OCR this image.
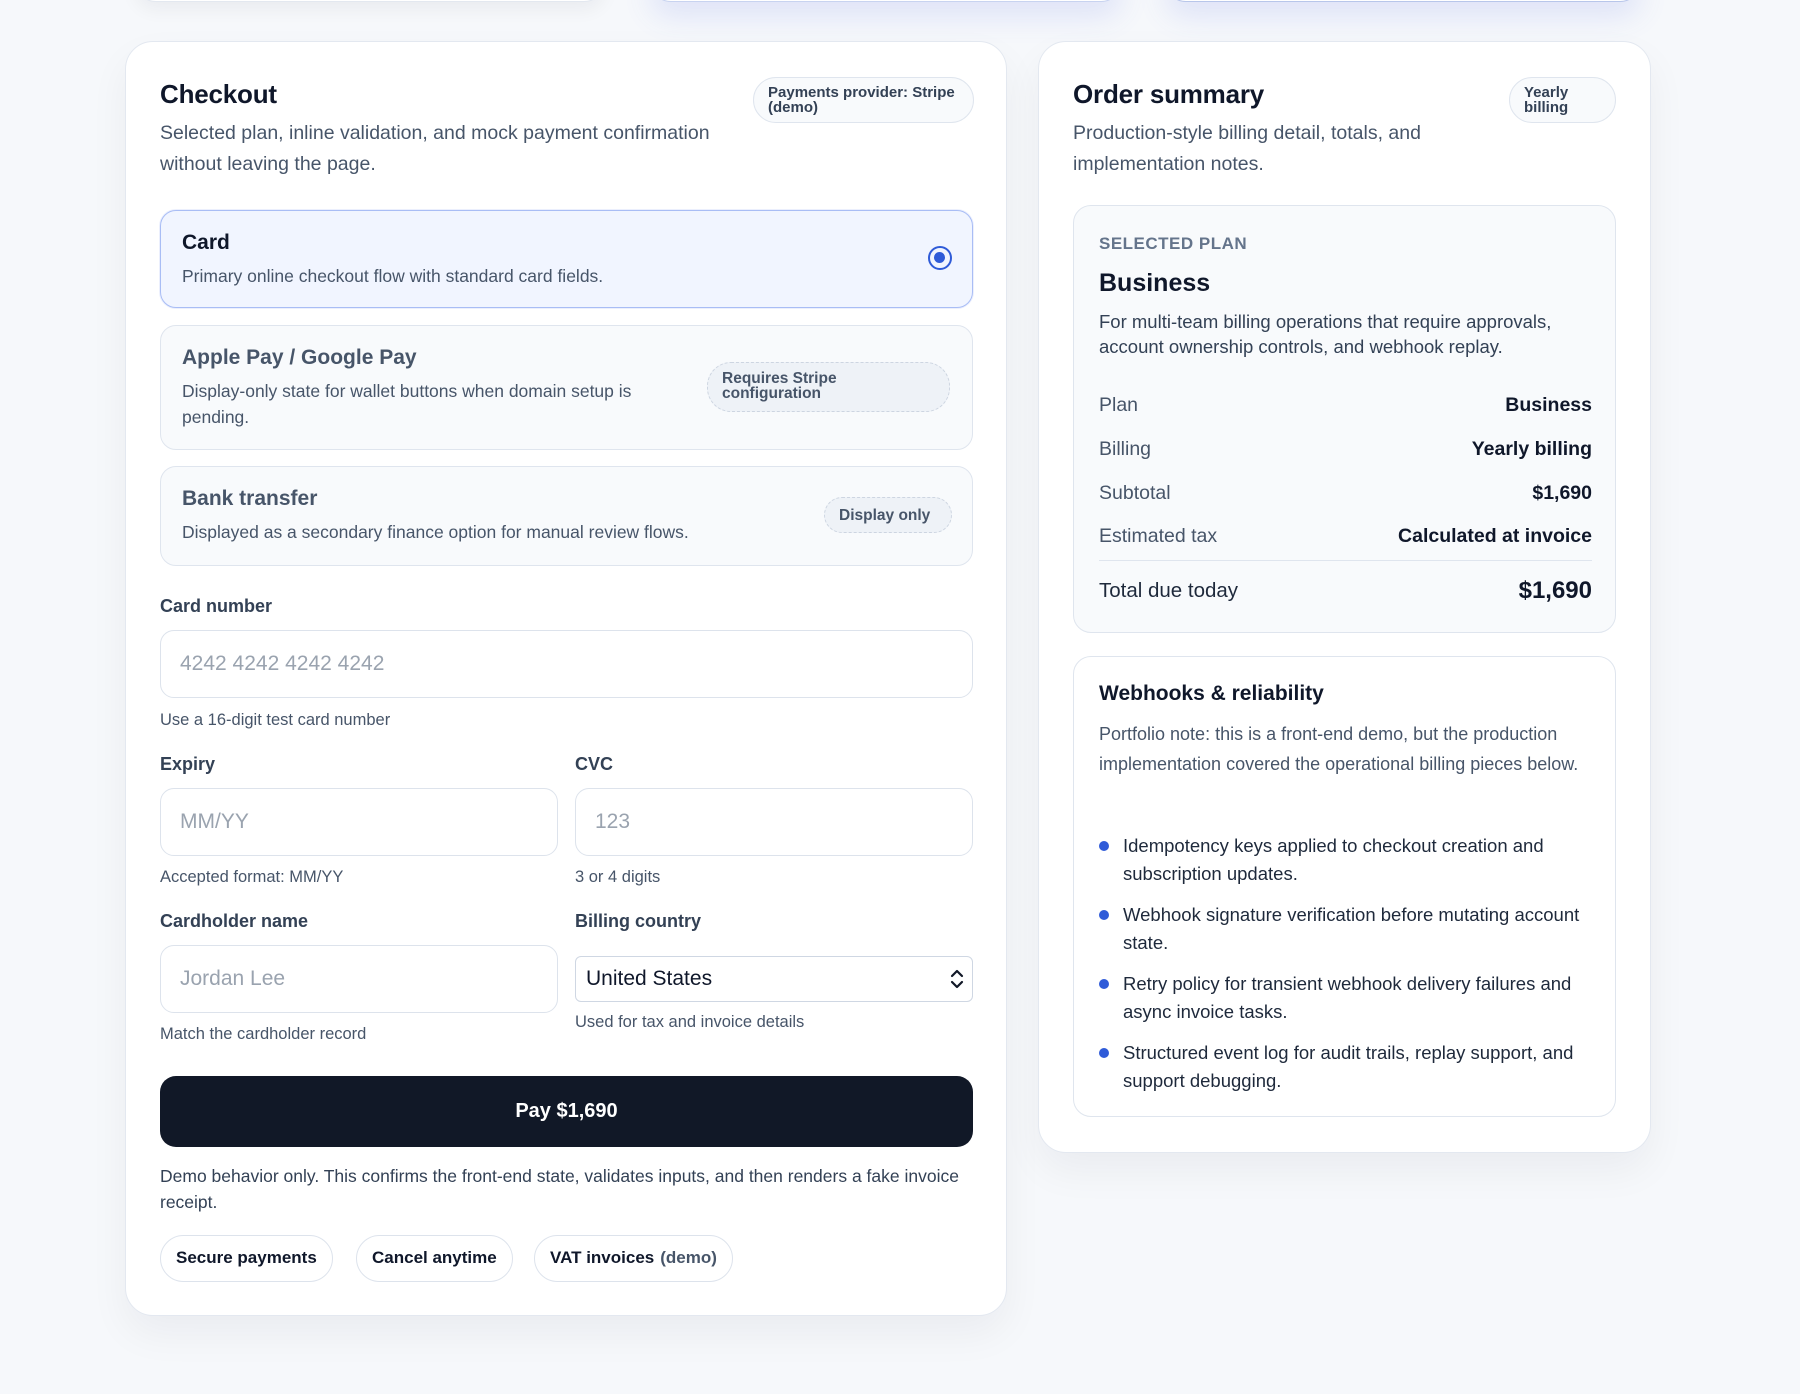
Checkout

Selected plan, inline validation, and mock payment confirmation without leaving the page.

Payments provider: Stripe (demo)
Card
Primary online checkout flow with standard card fields.
Apple Pay / Google Pay
Display-only state for wallet buttons when domain setup is pending.
Requires Stripe configuration
Bank transfer
Displayed as a secondary finance option for manual review flows.
Display only
Card number
4242 4242 4242 4242
Use a 16-digit test card number
Expiry
MM/YY
Accepted format: MM/YY
CVC
123
3 or 4 digits
Cardholder name
Jordan Lee
Match the cardholder record
Billing country
United States
Used for tax and invoice details
Pay $1,690

Demo behavior only. This confirms the front-end state, validates inputs, and then renders a fake invoice receipt.

Secure payments	Cancel anytime	VAT invoices (demo)
Order summary

Production-style billing detail, totals, and implementation notes.

Yearly billing
SELECTED PLAN
Business
For multi-team billing operations that require approvals, account ownership controls, and webhook replay.
Plan	Business
Billing	Yearly billing
Subtotal	$1,690
Estimated tax	Calculated at invoice
Total due today	$1,690
Webhooks & reliability

Portfolio note: this is a front-end demo, but the production implementation covered the operational billing pieces below.

Idempotency keys applied to checkout creation and subscription updates.
Webhook signature verification before mutating account state.
Retry policy for transient webhook delivery failures and async invoice tasks.
Structured event log for audit trails, replay support, and support debugging.
